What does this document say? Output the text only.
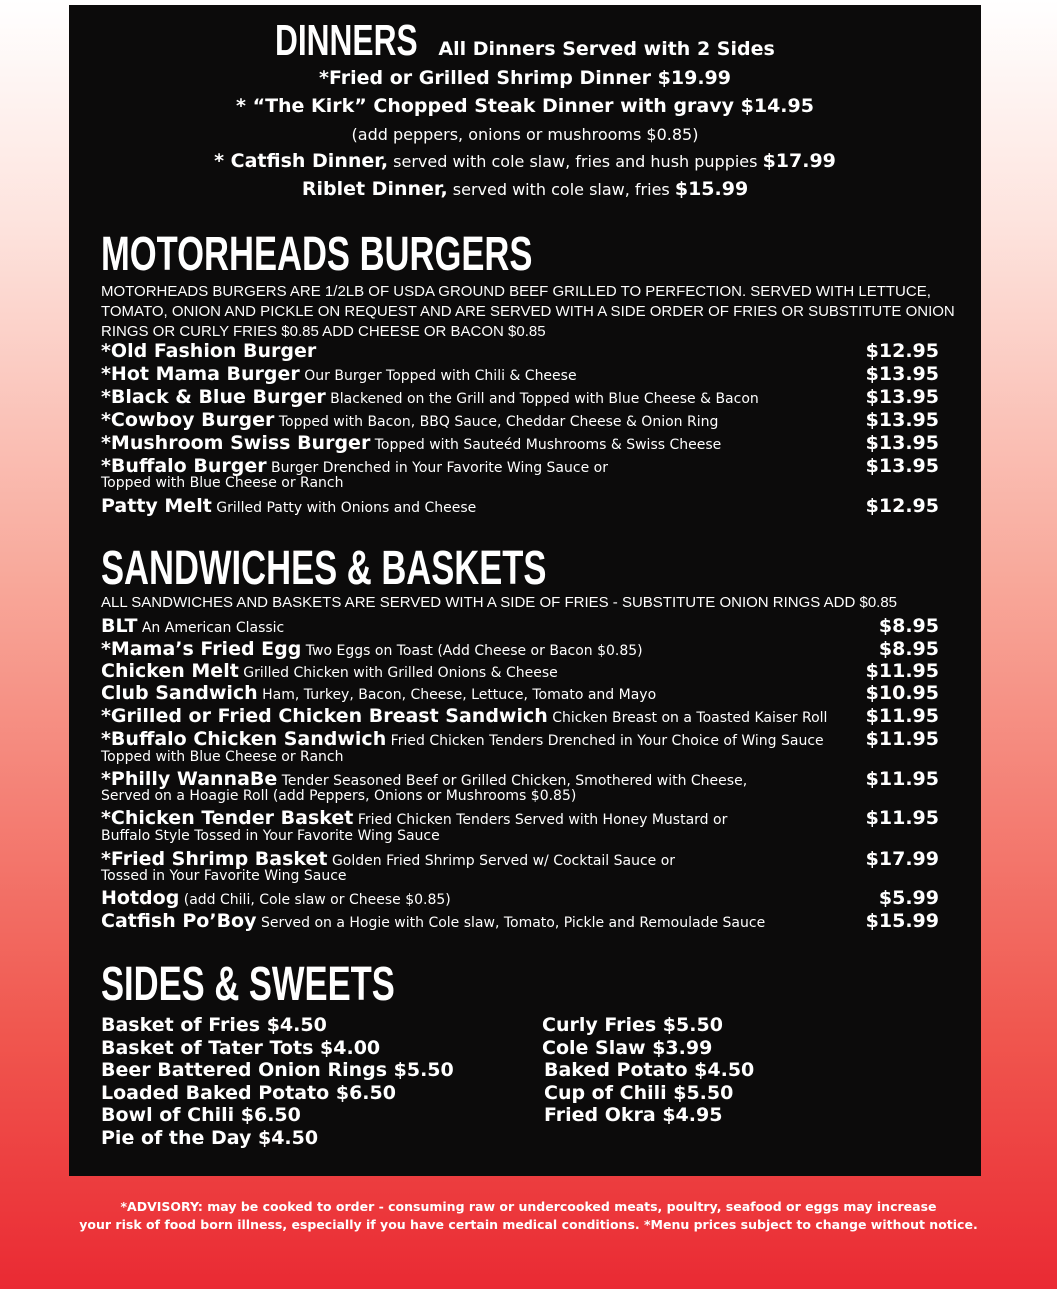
DINNERS All Dinners Served with 2 Sides
*Fried or Grilled Shrimp Dinner $19.99
* “The Kirk” Chopped Steak Dinner with gravy $14.95
(add peppers, onions or mushrooms $0.85)
* Catfish Dinner, served with cole slaw, fries and hush puppies $17.99
Riblet Dinner, served with cole slaw, fries $15.99
MOTORHEADS BURGERS
MOTORHEADS BURGERS ARE 1/2LB OF USDA GROUND BEEF GRILLED TO PERFECTION. SERVED WITH LETTUCE,
TOMATO, ONION AND PICKLE ON REQUEST AND ARE SERVED WITH A SIDE ORDER OF FRIES OR SUBSTITUTE ONION
RINGS OR CURLY FRIES $0.85 ADD CHEESE OR BACON $0.85
*Old Fashion Burger	$12.95
*Hot Mama Burger Our Burger Topped with Chili & Cheese	$13.95
*Black & Blue Burger Blackened on the Grill and Topped with Blue Cheese & Bacon	$13.95
*Cowboy Burger Topped with Bacon, BBQ Sauce, Cheddar Cheese & Onion Ring	$13.95
*Mushroom Swiss Burger Topped with Sauteéd Mushrooms & Swiss Cheese	$13.95
*Buffalo Burger Burger Drenched in Your Favorite Wing Sauce or	$13.95
Topped with Blue Cheese or Ranch
Patty Melt Grilled Patty with Onions and Cheese	$12.95
SANDWICHES & BASKETS
ALL SANDWICHES AND BASKETS ARE SERVED WITH A SIDE OF FRIES - SUBSTITUTE ONION RINGS ADD $0.85
BLT An American Classic	$8.95
*Mama’s Fried Egg Two Eggs on Toast (Add Cheese or Bacon $0.85)	$8.95
Chicken Melt Grilled Chicken with Grilled Onions & Cheese	$11.95
Club Sandwich Ham, Turkey, Bacon, Cheese, Lettuce, Tomato and Mayo	$10.95
*Grilled or Fried Chicken Breast Sandwich Chicken Breast on a Toasted Kaiser Roll $11.95
*Buffalo Chicken Sandwich Fried Chicken Tenders Drenched in Your Choice of Wing Sauce $11.95
Topped with Blue Cheese or Ranch
*Philly WannaBe Tender Seasoned Beef or Grilled Chicken, Smothered with Cheese,	$11.95
Served on a Hoagie Roll (add Peppers, Onions or Mushrooms $0.85)
*Chicken Tender Basket Fried Chicken Tenders Served with Honey Mustard or	$11.95
Buffalo Style Tossed in Your Favorite Wing Sauce
*Fried Shrimp Basket Golden Fried Shrimp Served w/ Cocktail Sauce or	$17.99
Tossed in Your Favorite Wing Sauce
Hotdog (add Chili, Cole slaw or Cheese $0.85)	$5.99
Catfish Po’Boy Served on a Hogie with Cole slaw, Tomato, Pickle and Remoulade Sauce	$15.99
SIDES & SWEETS
Basket of Fries $4.50
Basket of Tater Tots $4.00
Beer Battered Onion Rings $5.50
Loaded Baked Potato $6.50
Bowl of Chili $6.50
Pie of the Day $4.50
Curly Fries $5.50
Cole Slaw $3.99
Baked Potato $4.50
Cup of Chili $5.50
Fried Okra $4.95
*ADVISORY: may be cooked to order - consuming raw or undercooked meats, poultry, seafood or eggs may increase
your risk of food born illness, especially if you have certain medical conditions. *Menu prices subject to change without notice.
